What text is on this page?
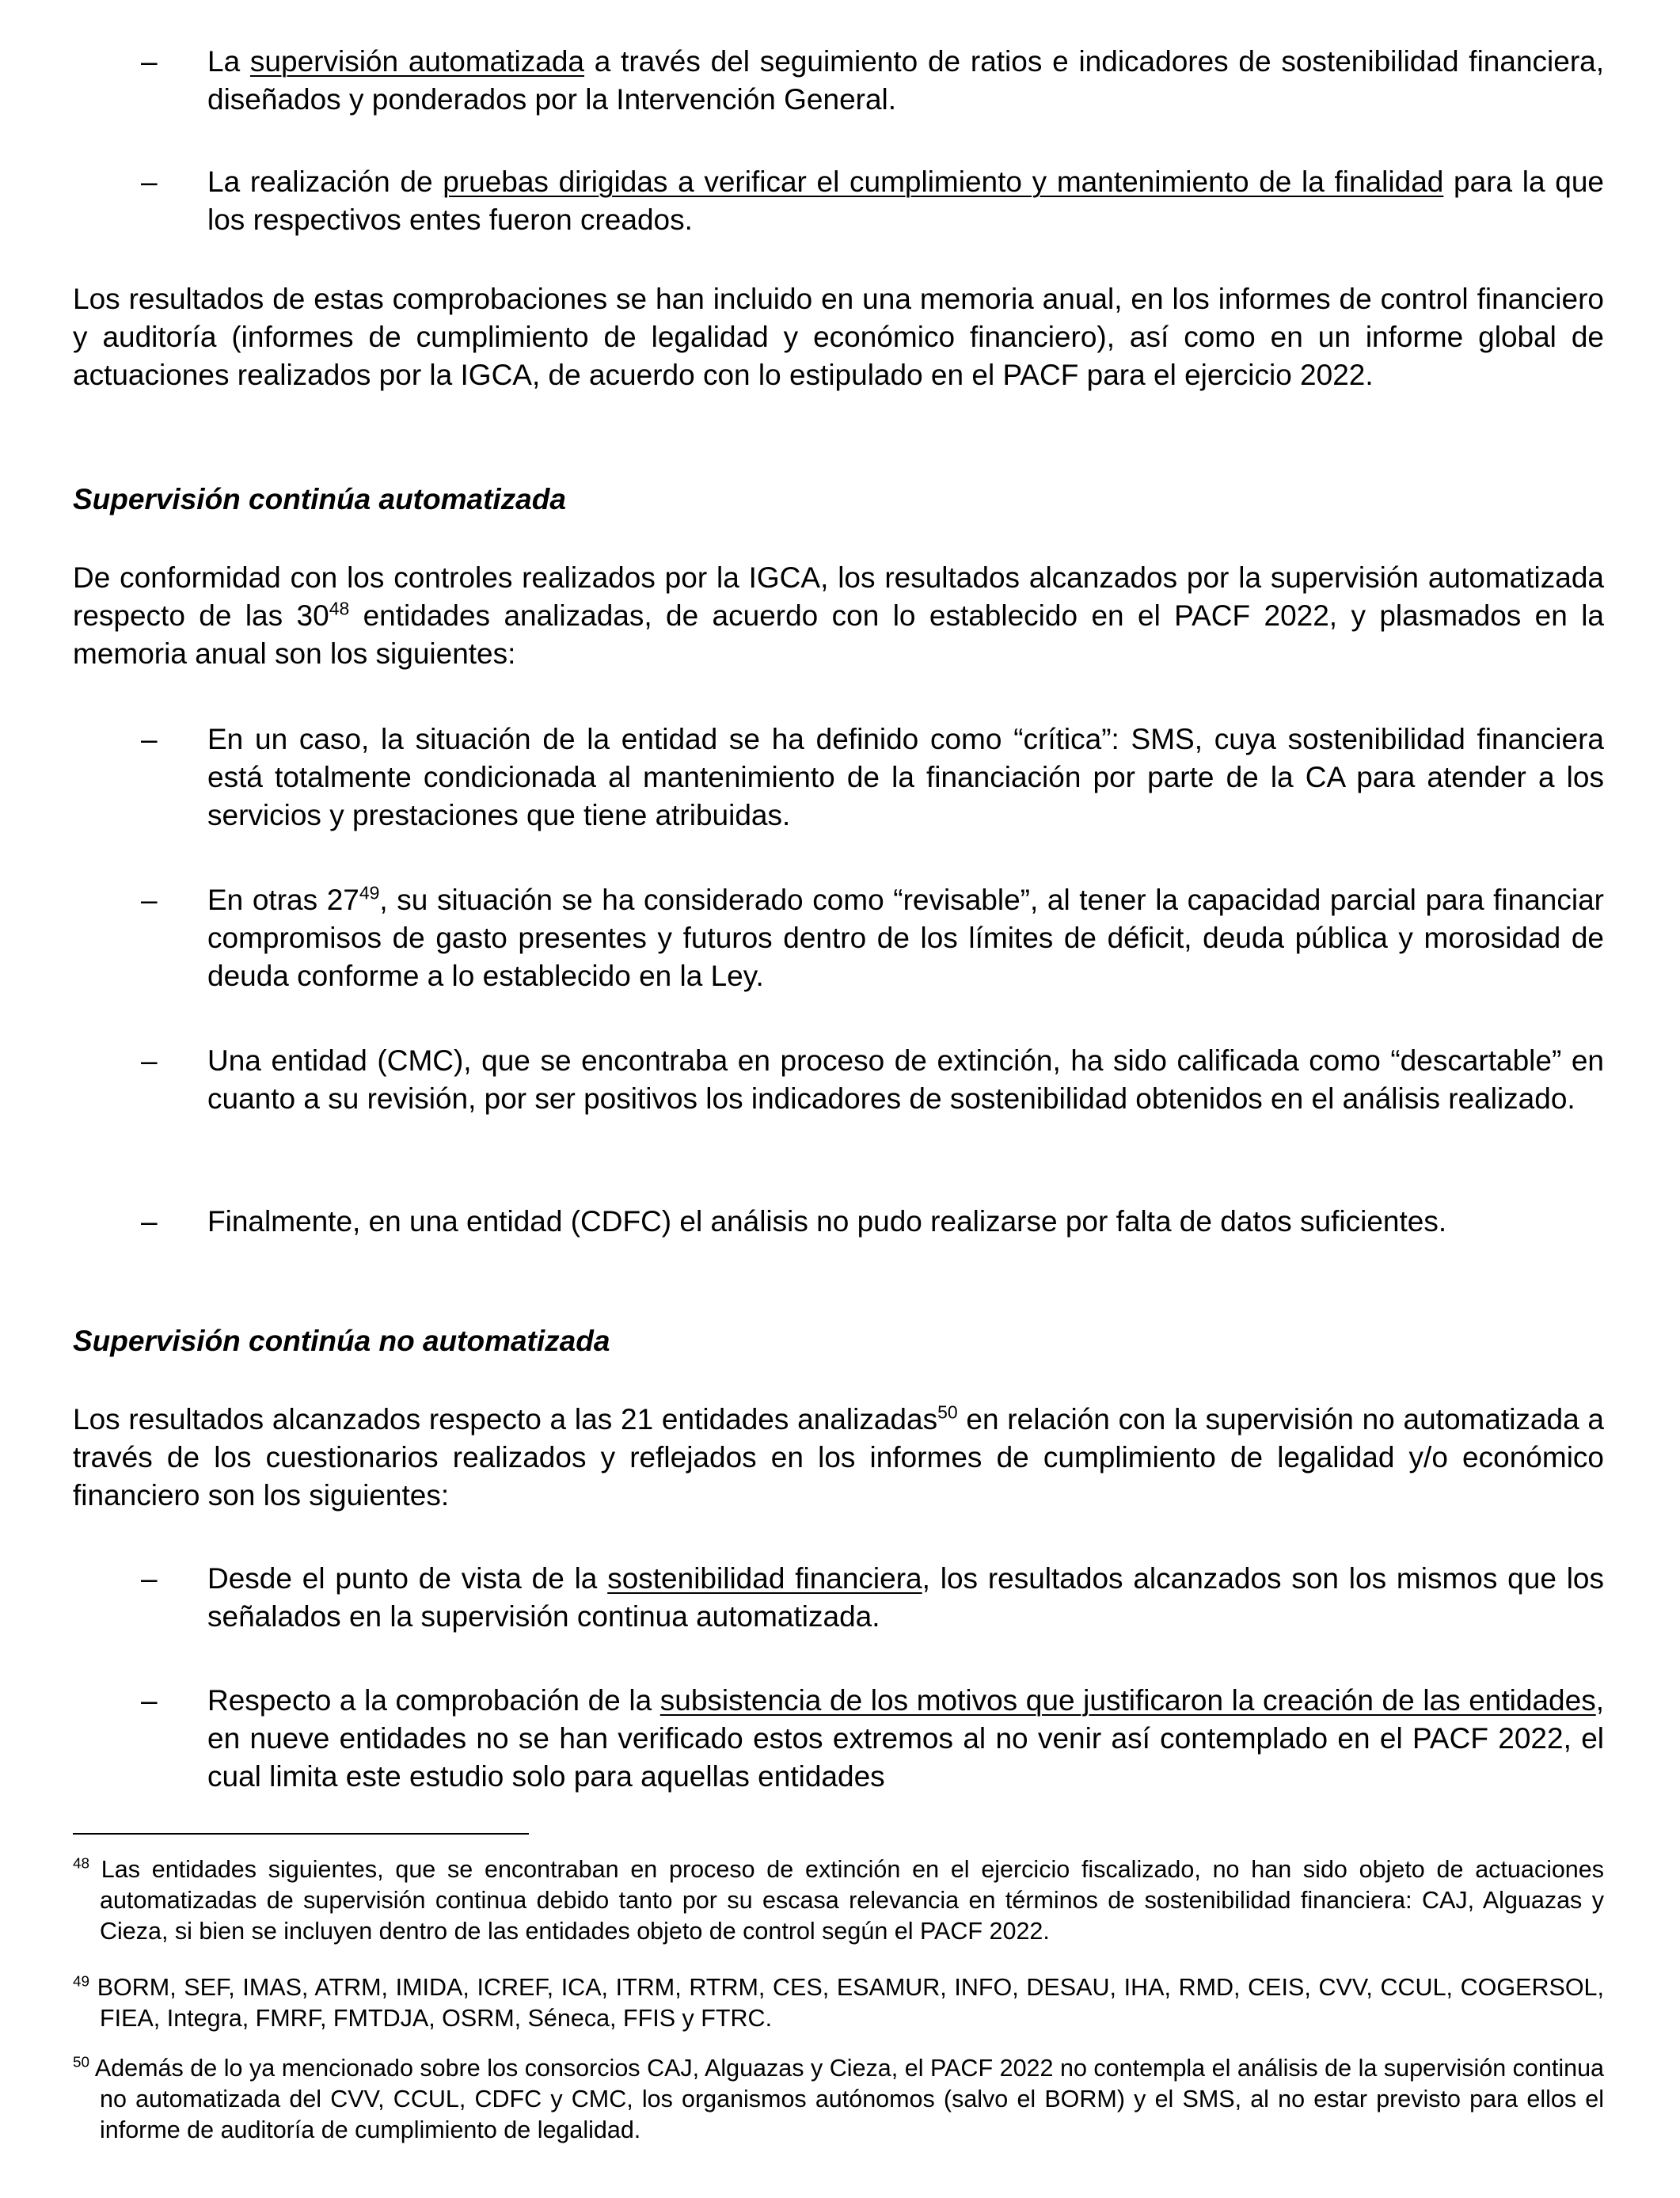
– La supervisión automatizada a través del seguimiento de ratios e indicadores de sostenibilidad financiera, diseñados y ponderados por la Intervención General.

– La realización de pruebas dirigidas a verificar el cumplimiento y mantenimiento de la finalidad para la que los respectivos entes fueron creados.

Los resultados de estas comprobaciones se han incluido en una memoria anual, en los informes de control financiero y auditoría (informes de cumplimiento de legalidad y económico financiero), así como en un informe global de actuaciones realizados por la IGCA, de acuerdo con lo estipulado en el PACF para el ejercicio 2022.

Supervisión continúa automatizada

De conformidad con los controles realizados por la IGCA, los resultados alcanzados por la supervisión automatizada respecto de las $30^{48}$ entidades analizadas, de acuerdo con lo establecido en el PACF 2022, y plasmados en la memoria anual son los siguientes:

– En un caso, la situación de la entidad se ha definido como “crítica”: SMS, cuya sostenibilidad financiera está totalmente condicionada al mantenimiento de la financiación por parte de la CA para atender a los servicios y prestaciones que tiene atribuidas.

– En otras $27^{49}$, su situación se ha considerado como “revisable”, al tener la capacidad parcial para financiar compromisos de gasto presentes y futuros dentro de los límites de déficit, deuda pública y morosidad de deuda conforme a lo establecido en la Ley.

– Una entidad (CMC), que se encontraba en proceso de extinción, ha sido calificada como “descartable” en cuanto a su revisión, por ser positivos los indicadores de sostenibilidad obtenidos en el análisis realizado.

– Finalmente, en una entidad (CDFC) el análisis no pudo realizarse por falta de datos suficientes.

Supervisión continúa no automatizada

Los resultados alcanzados respecto a las 21 entidades analizadas$^{50}$ en relación con la supervisión no automatizada a través de los cuestionarios realizados y reflejados en los informes de cumplimiento de legalidad y/o económico financiero son los siguientes:

– Desde el punto de vista de la sostenibilidad financiera, los resultados alcanzados son los mismos que los señalados en la supervisión continua automatizada.

– Respecto a la comprobación de la subsistencia de los motivos que justificaron la creación de las entidades, en nueve entidades no se han verificado estos extremos al no venir así contemplado en el PACF 2022, el cual limita este estudio solo para aquellas entidades

$^{48}$ Las entidades siguientes, que se encontraban en proceso de extinción en el ejercicio fiscalizado, no han sido objeto de actuaciones automatizadas de supervisión continua debido tanto por su escasa relevancia en términos de sostenibilidad financiera: CAJ, Alguazas y Cieza, si bien se incluyen dentro de las entidades objeto de control según el PACF 2022.

$^{49}$ BORM, SEF, IMAS, ATRM, IMIDA, ICREF, ICA, ITRM, RTRM, CES, ESAMUR, INFO, DESAU, IHA, RMD, CEIS, CVV, CCUL, COGERSOL, FIEA, Integra, FMRF, FMTDJA, OSRM, Séneca, FFIS y FTRC.

$^{50}$ Además de lo ya mencionado sobre los consorcios CAJ, Alguazas y Cieza, el PACF 2022 no contempla el análisis de la supervisión continua no automatizada del CVV, CCUL, CDFC y CMC, los organismos autónomos (salvo el BORM) y el SMS, al no estar previsto para ellos el informe de auditoría de cumplimiento de legalidad.
